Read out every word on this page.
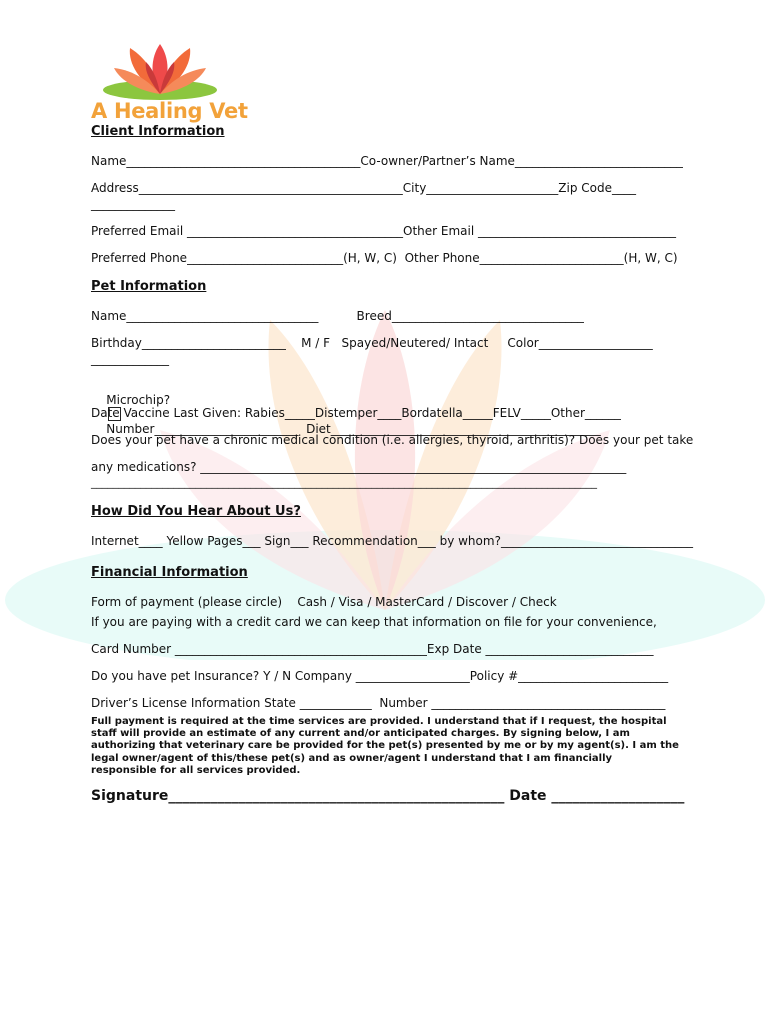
A Healing Vet
Client Information
Name_______________________________________Co-owner/Partner’s Name____________________________
Address____________________________________________City______________________Zip Code____
______________
Preferred Email ____________________________________Other Email _________________________________
Preferred Phone__________________________(H, W, C)  Other Phone________________________(H, W, C)
Pet Information
Name________________________________          Breed________________________________
Birthday________________________    M / F   Spayed/Neutered/ Intact     Color___________________
_____________

Microchip?

Number________________________  Diet_____________________________________________

Date Vaccine Last Given: Rabies_____Distemper____Bordatella_____FELV_____Other______
Does your pet have a chronic medical condition (i.e. allergies, thyroid, arthritis)? Does your pet take
any medications? _______________________________________________________________________
____________________________________________________________________________________________
How Did You Hear About Us?
Internet____ Yellow Pages___ Sign___ Recommendation___ by whom?________________________________
Financial Information
Form of payment (please circle)    Cash / Visa / MasterCard / Discover / Check
If you are paying with a credit card we can keep that information on file for your convenience,
Card Number __________________________________________Exp Date ____________________________
Do you have pet Insurance? Y / N Company ___________________Policy #_________________________
Driver’s License Information State ____________  Number _______________________________________
Full payment is required at the time services are provided. I understand that if I request, the hospital staff will provide an estimate of any current and/or anticipated charges. By signing below, I am authorizing that veterinary care be provided for the pet(s) presented by me or by my agent(s). I am the legal owner/agent of this/these pet(s) and as owner/agent I understand that I am financially responsible for all services provided.
Signature________________________________________________ Date ___________________
